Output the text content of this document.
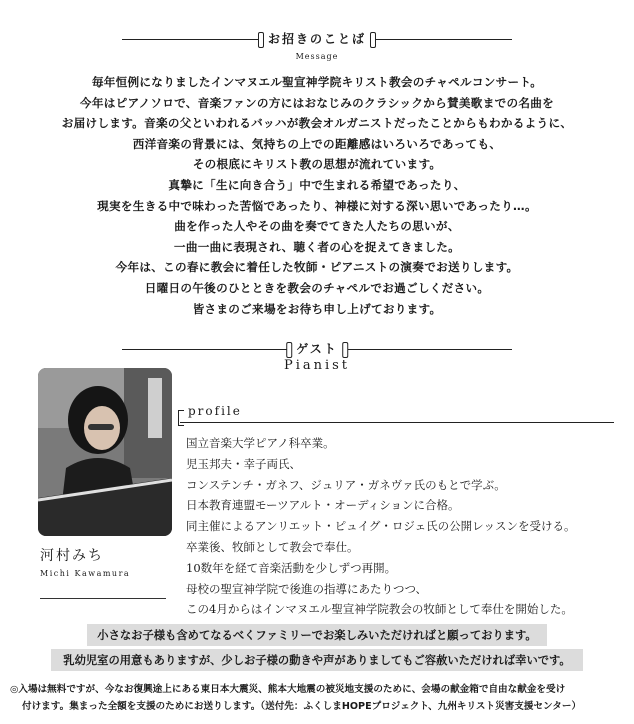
お招きのことば
Message

毎年恒例になりましたインマヌエル聖宣神学院キリスト教会のチャペルコンサート。

今年はピアノソロで、音楽ファンの方にはおなじみのクラシックから賛美歌までの名曲を

お届けします。音楽の父といわれるバッハが教会オルガニストだったことからもわかるように、

西洋音楽の背景には、気持ちの上での距離感はいろいろであっても、

その根底にキリスト教の思想が流れています。

真摯に「生に向き合う」中で生まれる希望であったり、

現実を生きる中で味わった苦悩であったり、神様に対する深い思いであったり…。

曲を作った人やその曲を奏でてきた人たちの思いが、

一曲一曲に表現され、聴く者の心を捉えてきました。

今年は、この春に教会に着任した牧師・ピアニストの演奏でお送りします。

日曜日の午後のひとときを教会のチャペルでお過ごしください。

皆さまのご来場をお待ち申し上げております。

ゲスト
Pianist
河村みち
Michi Kawamura
profile
国立音楽大学ピアノ科卒業。
児玉邦夫・幸子両氏、
コンステンチ・ガネフ、ジュリア・ガネヴァ氏のもとで学ぶ。
日本教育連盟モーツアルト・オーディションに合格。
同主催によるアンリエット・ピュイグ・ロジェ氏の公開レッスンを受ける。
卒業後、牧師として教会で奉仕。
10数年を経て音楽活動を少しずつ再開。
母校の聖宣神学院で後進の指導にあたりつつ、
この4月からはインマヌエル聖宣神学院教会の牧師として奉仕を開始した。
小さなお子様も含めてなるべくファミリーでお楽しみいただければと願っております。
乳幼児室の用意もありますが、少しお子様の動きや声がありましてもご容赦いただければ幸いです。
◎入場は無料ですが、今なお復興途上にある東日本大震災、熊本大地震の被災地支援のために、会場の献金箱で自由な献金を受け
付けます。集まった全額を支援のためにお送りします。（送付先：ふくしまHOPEプロジェクト、九州キリスト災害支援センター）
